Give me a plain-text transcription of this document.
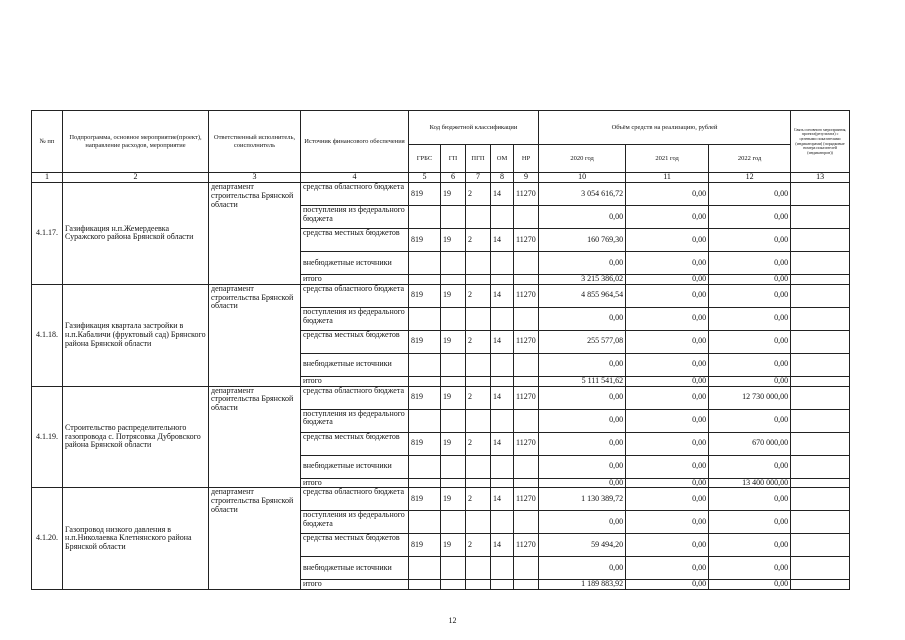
№ пп	Подпрограмма, основное мероприятие(проект), направление расходов, мероприятие	Ответственный исполнитель, соисполнитель	Источник финансового обеспечения	Код бюджетной классификации					Объём средств на реализацию, рублей			Связь основного мероприятия, проекта(результата) с целевыми показателями (индикаторами) (порядковые номера показателей (индикаторов))
				ГРБС	ГП	ПГП	ОМ	НР	2020 год	2021 год	2022 год	
1	2	3	4	5	6	7	8	9	10	11	12	13
4.1.17.	Газификация н.п.Жемердеевка Суражского района Брянской области	департамент строительства Брянской области	средства областного бюджета	819	19	2	14	11270	3 054 616,72	0,00	0,00	
			поступления из федерального бюджета						0,00	0,00	0,00	
			средства местных бюджетов	819	19	2	14	11270	160 769,30	0,00	0,00	
			внебюджетные источники						0,00	0,00	0,00	
			итого						3 215 386,02	0,00	0,00	
4.1.18.	Газификация квартала застройки в н.п.Кабаличи (фруктовый сад) Брянского района Брянской области	департамент строительства Брянской области	средства областного бюджета	819	19	2	14	11270	4 855 964,54	0,00	0,00	
			поступления из федерального бюджета						0,00	0,00	0,00	
			средства местных бюджетов	819	19	2	14	11270	255 577,08	0,00	0,00	
			внебюджетные источники						0,00	0,00	0,00	
			итого						5 111 541,62	0,00	0,00	
4.1.19.	Строительство распределительного газопровода с. Потрясовка Дубровского района Брянской области	департамент строительства Брянской области	средства областного бюджета	819	19	2	14	11270	0,00	0,00	12 730 000,00	
			поступления из федерального бюджета						0,00	0,00	0,00	
			средства местных бюджетов	819	19	2	14	11270	0,00	0,00	670 000,00	
			внебюджетные источники						0,00	0,00	0,00	
			итого						0,00	0,00	13 400 000,00	
4.1.20.	Газопровод низкого давления в н.п.Николаевка Клетнянского района Брянской области	департамент строительства Брянской области	средства областного бюджета	819	19	2	14	11270	1 130 389,72	0,00	0,00	
			поступления из федерального бюджета						0,00	0,00	0,00	
			средства местных бюджетов	819	19	2	14	11270	59 494,20	0,00	0,00	
			внебюджетные источники						0,00	0,00	0,00	
			итого						1 189 883,92	0,00	0,00	
12
